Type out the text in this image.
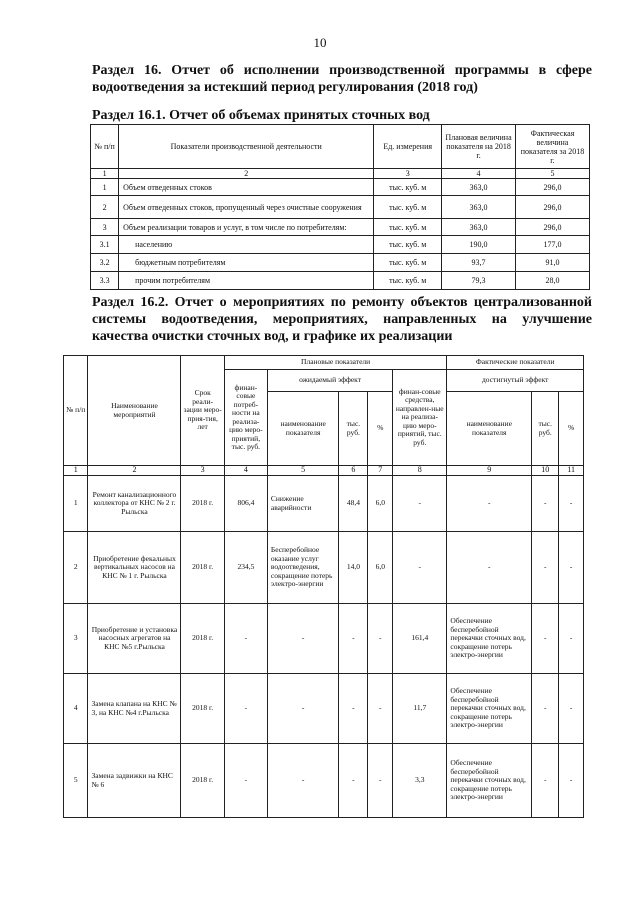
10
Раздел 16. Отчет об исполнении производственной программы в сфере водоотведения за истекший период регулирования (2018 год)
Раздел 16.1. Отчет об объемах принятых сточных вод
№ п/п	Показатели производственной деятельности	Ед. измерения	Плановая величина показателя на 2018 г.	Фактическая величина показателя за 2018 г.
1	2	3	4	5
1	Объем отведенных стоков	тыс. куб. м	363,0	296,0
2	Объем отведенных стоков, пропущенный через очистные сооружения	тыс. куб. м	363,0	296,0
3	Объем реализации товаров и услуг, в том числе по потребителям:	тыс. куб. м	363,0	296,0
3.1	населению	тыс. куб. м	190,0	177,0
3.2	бюджетным потребителям	тыс. куб. м	93,7	91,0
3.3	прочим потребителям	тыс. куб. м	79,3	28,0
Раздел 16.2. Отчет о мероприятиях по ремонту объектов централизованной системы водоотведения, мероприятиях, направленных на улучшение качества очистки сточных вод, и графике их реализации
№ п/п	Наименование мероприятий	Срок реали-зации меро-прия-тия, лет	Плановые показатели					Фактические показатели		
			финан-совые потреб-ности на реализа-цию меро-приятий, тыс. руб.	ожидаемый эффект			финан-совые средства, направлен-ные на реализа-цию меро-приятий, тыс. руб.	достигнутый эффект		
				наименование показателя	тыс. руб.	%		наименование показателя	тыс. руб.	%
1	2	3	4	5	6	7	8	9	10	11
1	Ремонт канализационного коллектора от КНС № 2 г. Рыльска	2018 г.	806,4	Снижение аварийности	48,4	6,0	-	-	-	-
2	Приобретение фекальных вертикальных насосов на КНС № 1 г. Рыльска	2018 г.	234,5	Бесперебойное оказание услуг водоотведения, сокращение потерь электро-энергии	14,0	6,0	-	-	-	-
3	Приобретение и установка насосных агрегатов на КНС №5 г.Рыльска	2018 г.	-	-	-	-	161,4	Обеспечение бесперебойной перекачки сточных вод, сокращение потерь электро-энергии	-	-
4	Замена клапана на КНС № 3, на КНС №4 г.Рыльска	2018 г.	-	-	-	-	11,7	Обеспечение бесперебойной перекачки сточных вод, сокращение потерь электро-энергии	-	-
5	Замена задвижки на КНС № 6	2018 г.	-	-	-	-	3,3	Обеспечение бесперебойной перекачки сточных вод, сокращение потерь электро-энергии	-	-
